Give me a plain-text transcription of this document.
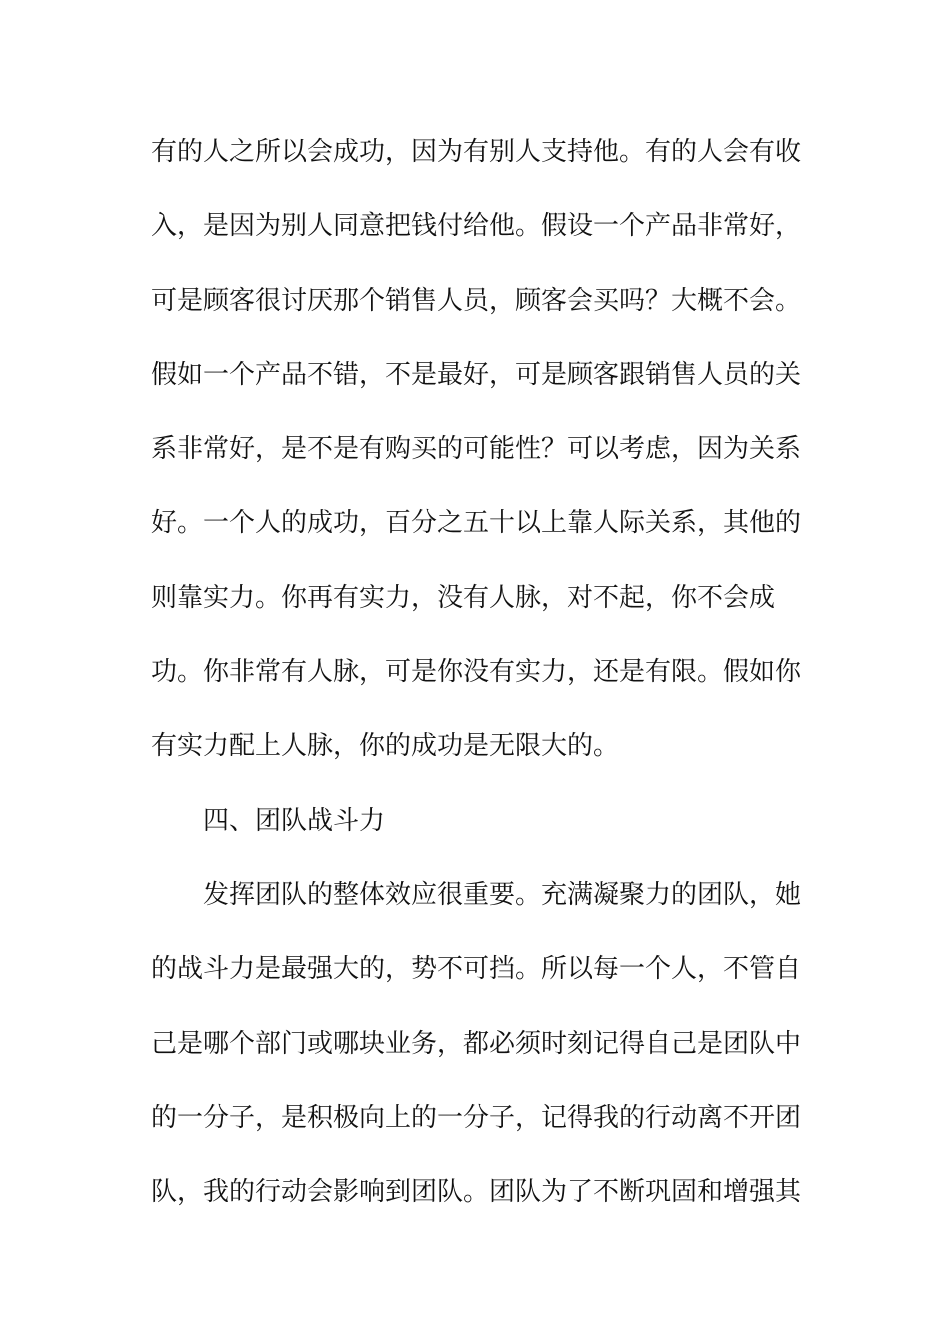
有的人之所以会成功，因为有别人支持他。有的人会有收
入，是因为别人同意把钱付给他。假设一个产品非常好，
可是顾客很讨厌那个销售人员，顾客会买吗？大概不会。
假如一个产品不错，不是最好，可是顾客跟销售人员的关
系非常好，是不是有购买的可能性？可以考虑，因为关系
好。一个人的成功，百分之五十以上靠人际关系，其他的
则靠实力。你再有实力，没有人脉，对不起，你不会成
功。你非常有人脉，可是你没有实力，还是有限。假如你
有实力配上人脉，你的成功是无限大的。
四、团队战斗力
发挥团队的整体效应很重要。充满凝聚力的团队，她
的战斗力是最强大的，势不可挡。所以每一个人，不管自
己是哪个部门或哪块业务，都必须时刻记得自己是团队中
的一分子，是积极向上的一分子，记得我的行动离不开团
队，我的行动会影响到团队。团队为了不断巩固和增强其
